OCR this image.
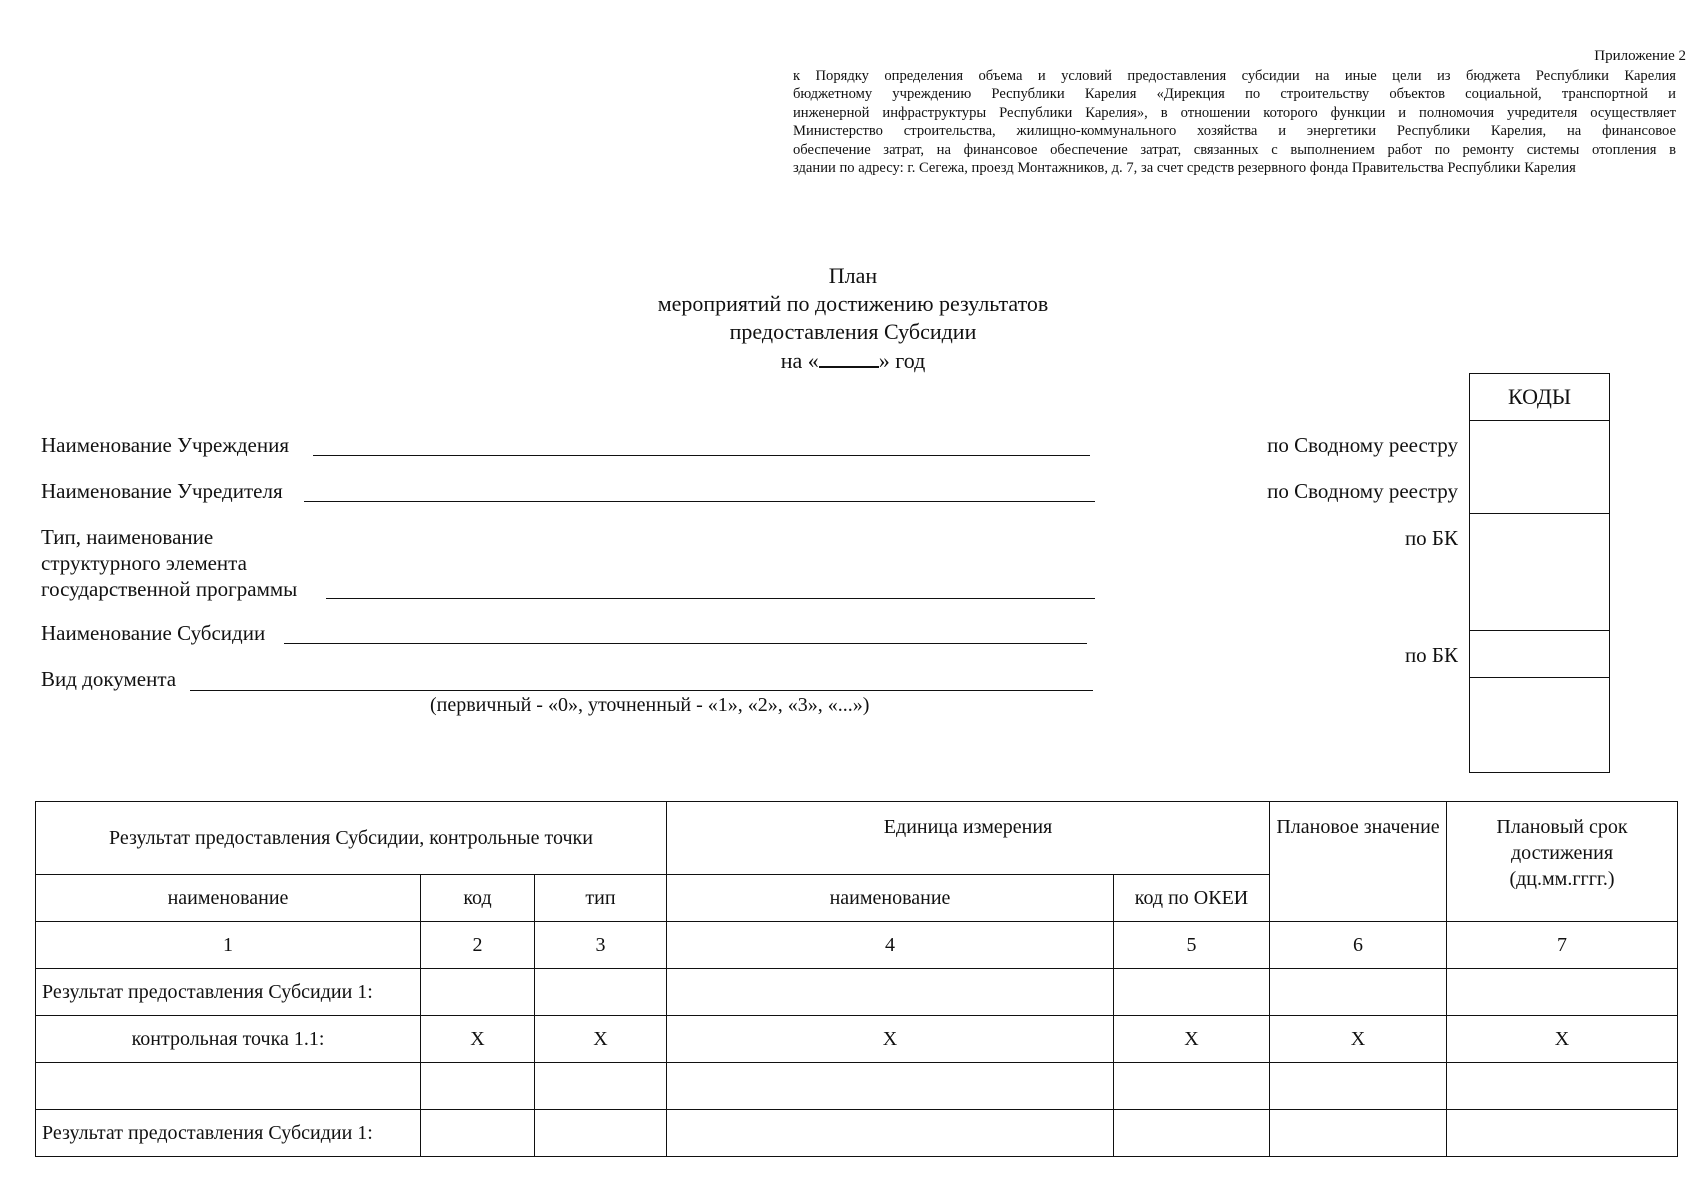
Приложение 2
к Порядку определения объема и условий предоставления субсидии на иные цели из бюджета Республики Карелия
бюджетному учреждению Республики Карелия «Дирекция по строительству объектов социальной, транспортной и
инженерной инфраструктуры Республики Карелия», в отношении которого функции и полномочия учредителя осуществляет
Министерство строительства, жилищно-коммунального хозяйства и энергетики Республики Карелия, на финансовое
обеспечение затрат, на финансовое обеспечение затрат, связанных с выполнением работ по ремонту системы отопления в
здании по адресу: г. Сегежа, проезд Монтажников, д. 7, за счет средств резервного фонда Правительства Республики Карелия
План
мероприятий по достижению результатов
предоставления Субсидии
на «	» год
Наименование Учреждения
Наименование Учредителя
Тип, наименование
структурного элемента
государственной программы
Наименование Субсидии
Вид документа
(первичный - «0», уточненный - «1», «2», «3», «...»)
по Сводному реестру
по Сводному реестру
по БК
по БК
КОДЫ
Результат предоставления Субсидии, контрольные точки			Единица измерения		Плановое значение	Плановый срок
достижения
(дц.мм.гггг.)

наименование	код	тип	наименование	код по ОКЕИ		
1	2	3	4	5	6	7
Результат предоставления Субсидии 1:						
контрольная точка 1.1:	X	X	X	X	X	X

Результат предоставления Субсидии 1:						
